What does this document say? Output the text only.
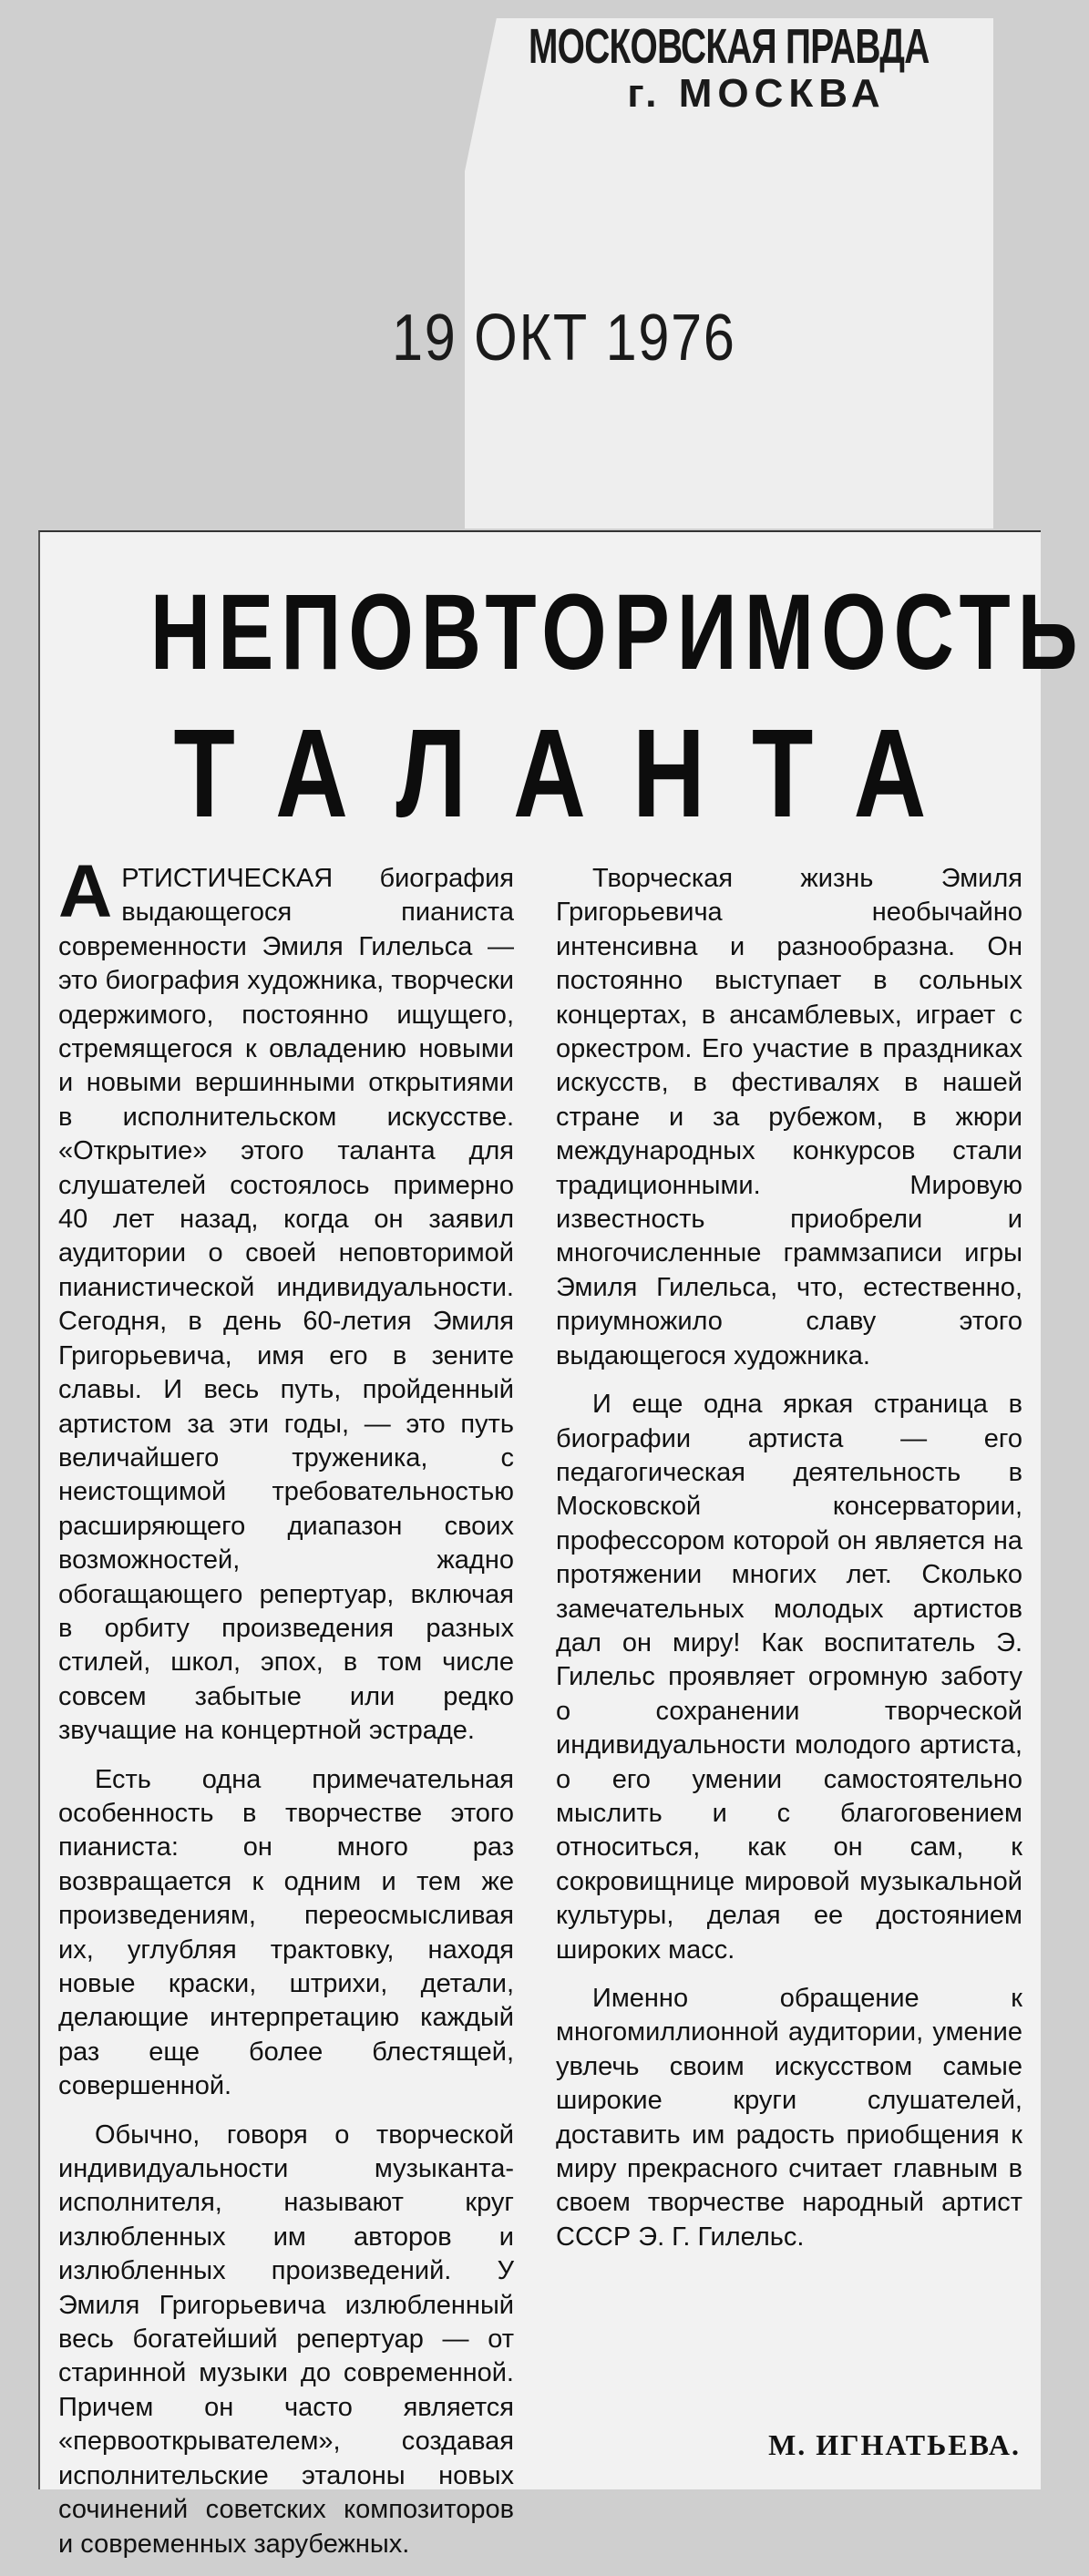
МОСКОВСКАЯ ПРАВДА
г. МОСКВА
19 ОКТ 1976
НЕПОВТОРИМОСТЬ
ТАЛАНТА

АРТИСТИЧЕСКАЯ биография выдающегося пианиста современности Эмиля Гилельса — это биография художника, творчески одержимого, постоянно ищущего, стремящегося к овладению новыми и новыми вершинными открытиями в исполнительском искусстве. «Открытие» этого таланта для слушателей состоялось примерно 40 лет назад, когда он заявил аудитории о своей неповторимой пианистической индивидуальности. Сегодня, в день 60-летия Эмиля Григорьевича, имя его в зените славы. И весь путь, пройденный артистом за эти годы, — это путь величайшего труженика, с неистощимой требовательностью расширяющего диапазон своих возможностей, жадно обогащающего репертуар, включая в орбиту произведения разных стилей, школ, эпох, в том числе совсем забытые или редко звучащие на концертной эстраде.

Есть одна примечательная особенность в творчестве этого пианиста: он много раз возвращается к одним и тем же произведениям, переосмысливая их, углубляя трактовку, находя новые краски, штрихи, детали, делающие интерпретацию каждый раз еще более блестящей, совершенной.

Обычно, говоря о творческой индивидуальности музыканта-исполнителя, называют круг излюбленных им авторов и излюбленных произведений. У Эмиля Григорьевича излюбленный весь богатейший репертуар — от старинной музыки до современной. Причем он часто является «первооткрывателем», создавая исполнительские эталоны новых сочинений советских композиторов и современных зарубежных.

Творческая жизнь Эмиля Григорьевича необычайно интенсивна и разнообразна. Он постоянно выступает в сольных концертах, в ансамблевых, играет с оркестром. Его участие в праздниках искусств, в фестивалях в нашей стране и за рубежом, в жюри международных конкурсов стали традиционными. Мировую известность приобрели и многочисленные граммзаписи игры Эмиля Гилельса, что, естественно, приумножило славу этого выдающегося художника.

И еще одна яркая страница в биографии артиста — его педагогическая деятельность в Московской консерватории, профессором которой он является на протяжении многих лет. Сколько замечательных молодых артистов дал он миру! Как воспитатель Э. Гилельс проявляет огромную заботу о сохранении творческой индивидуальности молодого артиста, о его умении самостоятельно мыслить и с благоговением относиться, как он сам, к сокровищнице мировой музыкальной культуры, делая ее достоянием широких масс.

Именно обращение к многомиллионной аудитории, умение увлечь своим искусством самые широкие круги слушателей, доставить им радость приобщения к миру прекрасного считает главным в своем творчестве народный артист СССР Э. Г. Гилельс.

М. ИГНАТЬЕВА.
